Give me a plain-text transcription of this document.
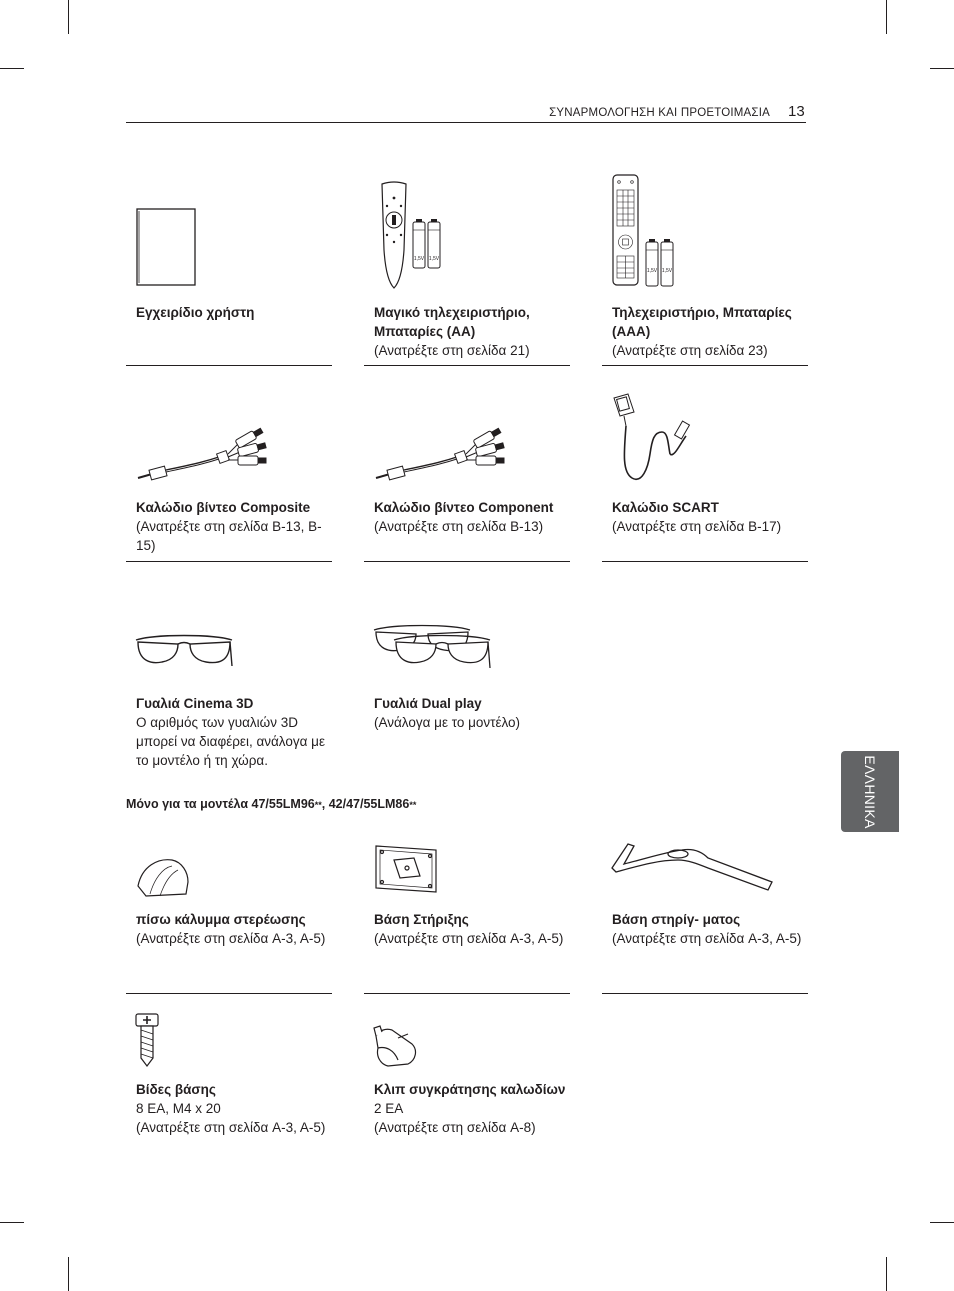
ΣΥΝΑΡΜΟΛΟΓΗΣΗ ΚΑΙ ΠΡΟΕΤΟΙΜΑΣΙΑ 13
ΕΛΛΗΝΙΚΑ
Εγχειρίδιο χρήστη
1,5V 1,5V
Μαγικό τηλεχειριστήριο, Μπαταρίες (AA)
(Ανατρέξτε στη σελίδα 21)
1,5V 1,5V
Τηλεχειριστήριο, Μπαταρίες (AAA)
(Ανατρέξτε στη σελίδα 23)
Καλώδιο βίντεο Composite
(Ανατρέξτε στη σελίδα B-13, B-15)
Καλώδιο βίντεο Component
(Ανατρέξτε στη σελίδα B-13)
Καλώδιο SCART
(Ανατρέξτε στη σελίδα B-17)
Γυαλιά Cinema 3D
Ο αριθμός των γυαλιών 3D μπορεί να διαφέρει, ανάλογα με το μοντέλο ή τη χώρα.
Γυαλιά Dual play
(Ανάλογα με το μοντέλο)
Μόνο για τα μοντέλα 47/55LM96**, 42/47/55LM86**
πίσω κάλυμμα στερέωσης
(Ανατρέξτε στη σελίδα A-3, A-5)
Βάση Στήριξης
(Ανατρέξτε στη σελίδα A-3, A-5)
Βάση στηρίγ- ματος
(Ανατρέξτε στη σελίδα A-3, A-5)
Βίδες βάσης
8 EA, M4 x 20
(Ανατρέξτε στη σελίδα A-3, A-5)
Κλιπ συγκράτησης καλωδίων
2 EA
(Ανατρέξτε στη σελίδα A-8)
